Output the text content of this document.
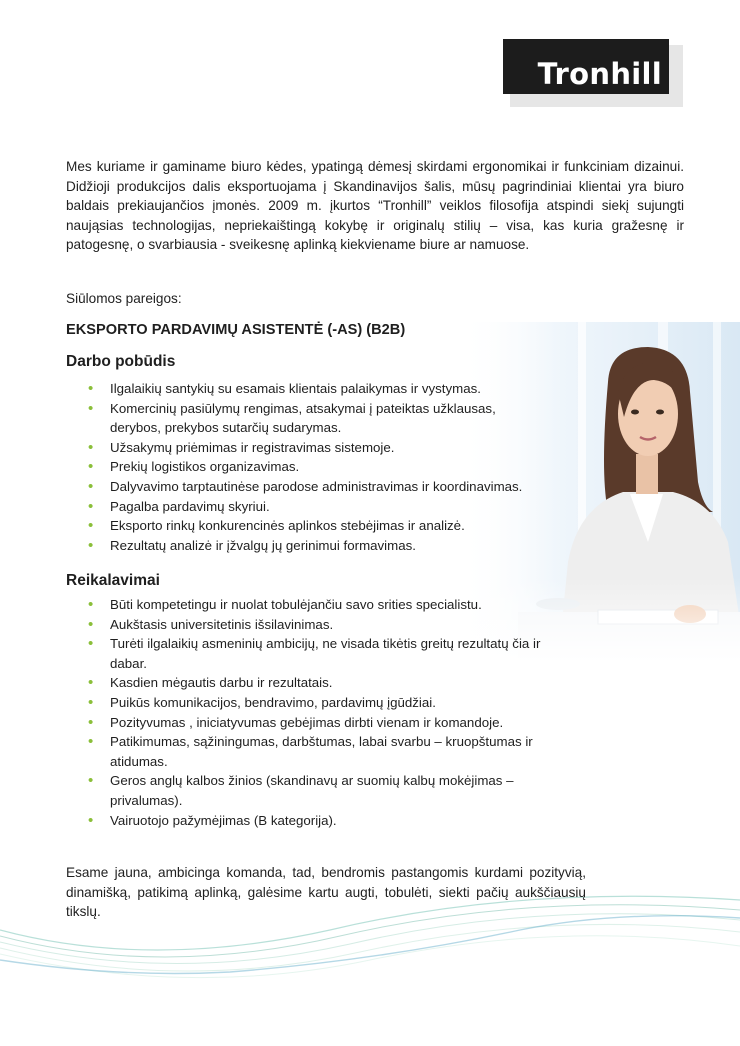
Tronhill

Mes kuriame ir gaminame biuro kėdes, ypatingą dėmesį skirdami ergonomikai ir funkciniam dizainui. Didžioji produkcijos dalis eksportuojama į Skandinavijos šalis, mūsų pagrindiniai klientai yra biuro baldais prekiaujančios įmonės. 2009 m. įkurtos “Tronhill” veiklos filosofija atspindi siekį sujungti naująsias technologijas, nepriekaištingą kokybę ir originalų stilių – visa, kas kuria gražesnę ir patogesnę, o svarbiausia - sveikesnę aplinką kiekviename biure ar namuose.

Siūlomos pareigos:

EKSPORTO PARDAVIMŲ ASISTENTĖ (-AS) (B2B)
Darbo pobūdis
• Ilgalaikių santykių su esamais klientais palaikymas ir vystymas.
• Komercinių pasiūlymų rengimas, atsakymai į pateiktas užklausas, derybos, prekybos sutarčių sudarymas.
• Užsakymų priėmimas ir registravimas sistemoje.
• Prekių logistikos organizavimas.
• Dalyvavimo tarptautinėse parodose administravimas ir koordinavimas.
• Pagalba pardavimų skyriui.
• Eksporto rinkų konkurencinės aplinkos stebėjimas ir analizė.
• Rezultatų analizė ir įžvalgų jų gerinimui formavimas.
Reikalavimai
• Būti kompetetingu ir nuolat tobulėjančiu savo srities specialistu.
• Aukštasis universitetinis išsilavinimas.
• Turėti ilgalaikių asmeninių ambicijų, ne visada tikėtis greitų rezultatų čia ir dabar.
• Kasdien mėgautis darbu ir rezultatais.
• Puikūs komunikacijos, bendravimo, pardavimų įgūdžiai.
• Pozityvumas , iniciatyvumas gebėjimas dirbti vienam ir komandoje.
• Patikimumas, sąžiningumas, darbštumas, labai svarbu – kruopštumas ir atidumas.
• Geros anglų kalbos žinios (skandinavų ar suomių kalbų mokėjimas – privalumas).
• Vairuotojo pažymėjimas (B kategorija).

Esame jauna, ambicinga komanda, tad, bendromis pastangomis kurdami pozityvią, dinamišką, patikimą aplinką, galėsime kartu augti, tobulėti, siekti pačių aukščiausių tikslų.
